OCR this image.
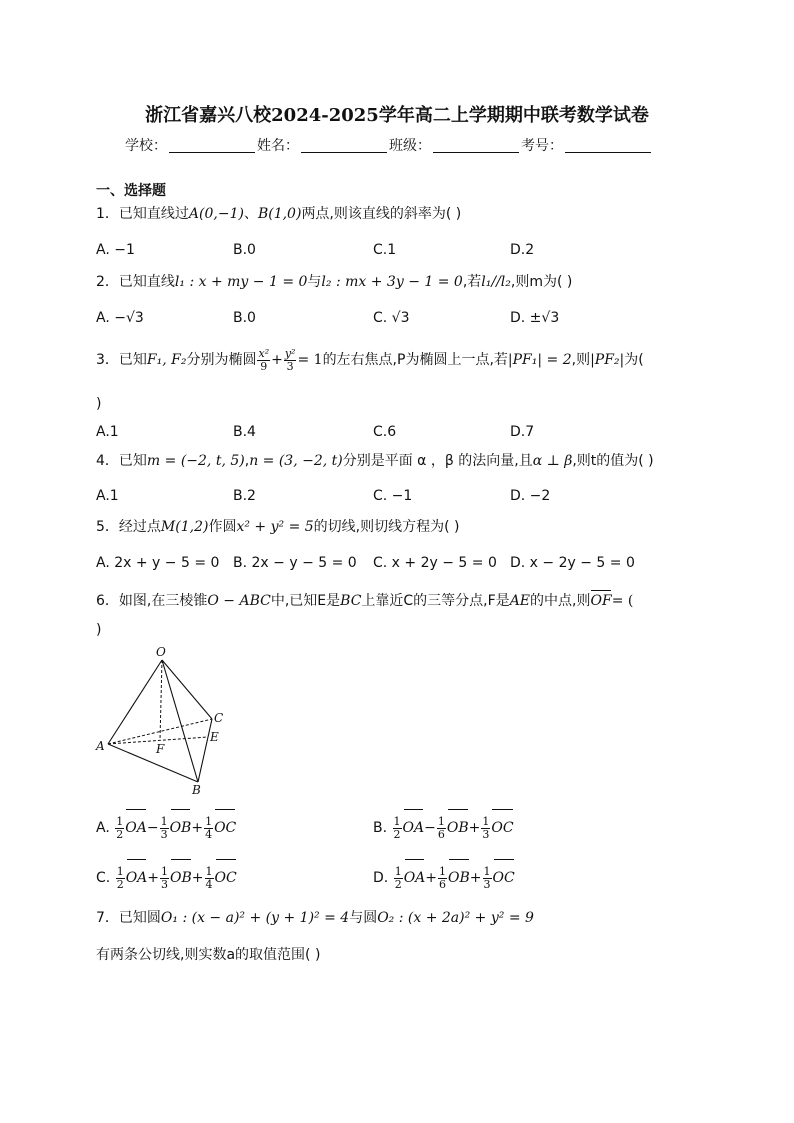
浙江省嘉兴八校2024-2025学年高二上学期期中联考数学试卷
学校：	姓名：	班级：	考号：
一、选择题
1．已知直线过A(0,−1)、B(1,0)两点,则该直线的斜率为( )
A. −1	B.0	C.1	D.2
2．已知直线l₁ : x + my − 1 = 0与l₂ : mx + 3y − 1 = 0,若l₁//l₂,则m为( )
A. −√3	B.0	C. √3	D. ±√3
3．已知F₁, F₂分别为椭圆 $\frac{\text{x²}}{9} + \frac{\text{y²}}{3} = 1$的左右焦点,P为椭圆上一点,若|PF₁| = 2,则|PF₂|为(
)
A.1	B.4	C.6	D.7
4．已知m = (−2, t, 5),n = (3, −2, t)分别是平面 α ，β 的法向量,且α ⊥ β,则t的值为( )
A.1	B.2	C. −1	D. −2
5．经过点M(1,2)作圆x² + y² = 5的切线,则切线方程为( )
A. 2x + y − 5 = 0 B. 2x − y − 5 = 0 C. x + 2y − 5 = 0 D. x − 2y − 5 = 0
6．如图,在三棱锥O − ABC中,已知E是BC上靠近C的三等分点,F是AE的中点,则OF= (
)
O
A
B
C
E
F
A. $\frac{1}{2} OA- \frac{1}{3} OB+ \frac{1}{4}$ OC	B. $\frac{1}{2} OA- \frac{1}{6} OB+ \frac{1}{3}$ OC
C. $\frac{1}{2} OA+ \frac{1}{3} OB+ \frac{1}{4}$ OC	D. $\frac{1}{2} OA+ \frac{1}{6} OB+ \frac{1}{3}$ OC
7．已知圆O₁ : (x − a)² + (y + 1)² = 4与圆O₂ : (x + 2a)² + y² = 9
有两条公切线,则实数a的取值范围( )
